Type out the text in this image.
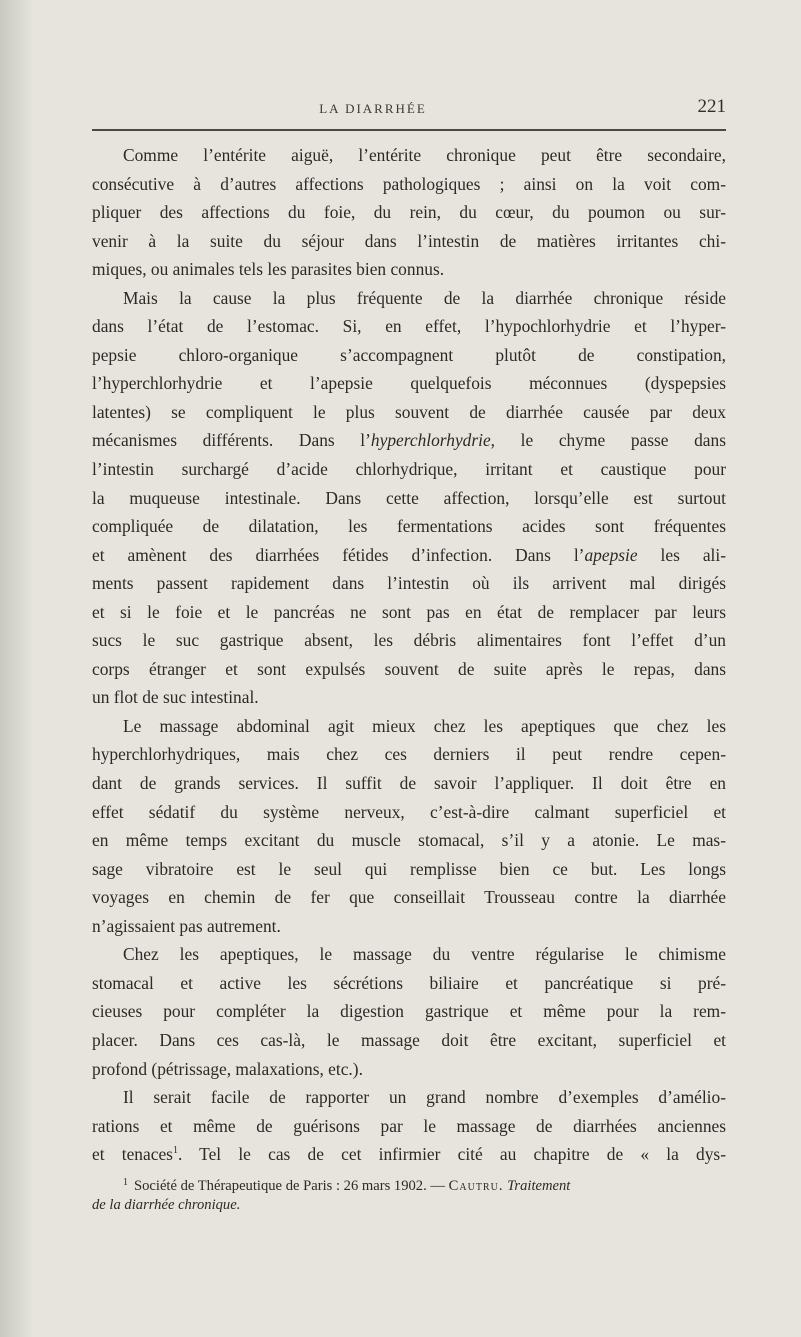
LA DIARRHÉE	221
Comme l’entérite aiguë, l’entérite chronique peut être secondaire,
consécutive à d’autres affections pathologiques ; ainsi on la voit com-
pliquer des affections du foie, du rein, du cœur, du poumon ou sur-
venir à la suite du séjour dans l’intestin de matières irritantes chi-
miques, ou animales tels les parasites bien connus.
Mais la cause la plus fréquente de la diarrhée chronique réside
dans l’état de l’estomac. Si, en effet, l’hypochlorhydrie et l’hyper-
pepsie chloro-organique s’accompagnent plutôt de constipation,
l’hyperchlorhydrie et l’apepsie quelquefois méconnues (dyspepsies
latentes) se compliquent le plus souvent de diarrhée causée par deux
mécanismes différents. Dans l’hyperchlorhydrie, le chyme passe dans
l’intestin surchargé d’acide chlorhydrique, irritant et caustique pour
la muqueuse intestinale. Dans cette affection, lorsqu’elle est surtout
compliquée de dilatation, les fermentations acides sont fréquentes
et amènent des diarrhées fétides d’infection. Dans l’apepsie les ali-
ments passent rapidement dans l’intestin où ils arrivent mal dirigés
et si le foie et le pancréas ne sont pas en état de remplacer par leurs
sucs le suc gastrique absent, les débris alimentaires font l’effet d’un
corps étranger et sont expulsés souvent de suite après le repas, dans
un flot de suc intestinal.
Le massage abdominal agit mieux chez les apeptiques que chez les
hyperchlorhydriques, mais chez ces derniers il peut rendre cepen-
dant de grands services. Il suffit de savoir l’appliquer. Il doit être en
effet sédatif du système nerveux, c’est-à-dire calmant superficiel et
en même temps excitant du muscle stomacal, s’il y a atonie. Le mas-
sage vibratoire est le seul qui remplisse bien ce but. Les longs
voyages en chemin de fer que conseillait Trousseau contre la diarrhée
n’agissaient pas autrement.
Chez les apeptiques, le massage du ventre régularise le chimisme
stomacal et active les sécrétions biliaire et pancréatique si pré-
cieuses pour compléter la digestion gastrique et même pour la rem-
placer. Dans ces cas-là, le massage doit être excitant, superficiel et
profond (pétrissage, malaxations, etc.).
Il serait facile de rapporter un grand nombre d’exemples d’amélio-
rations et même de guérisons par le massage de diarrhées anciennes
et tenaces$^1$. Tel le cas de cet infirmier cité au chapitre de « la dys-
$^1$ Société de Thérapeutique de Paris : 26 mars 1902. — Cautru. Traitement
de la diarrhée chronique.
